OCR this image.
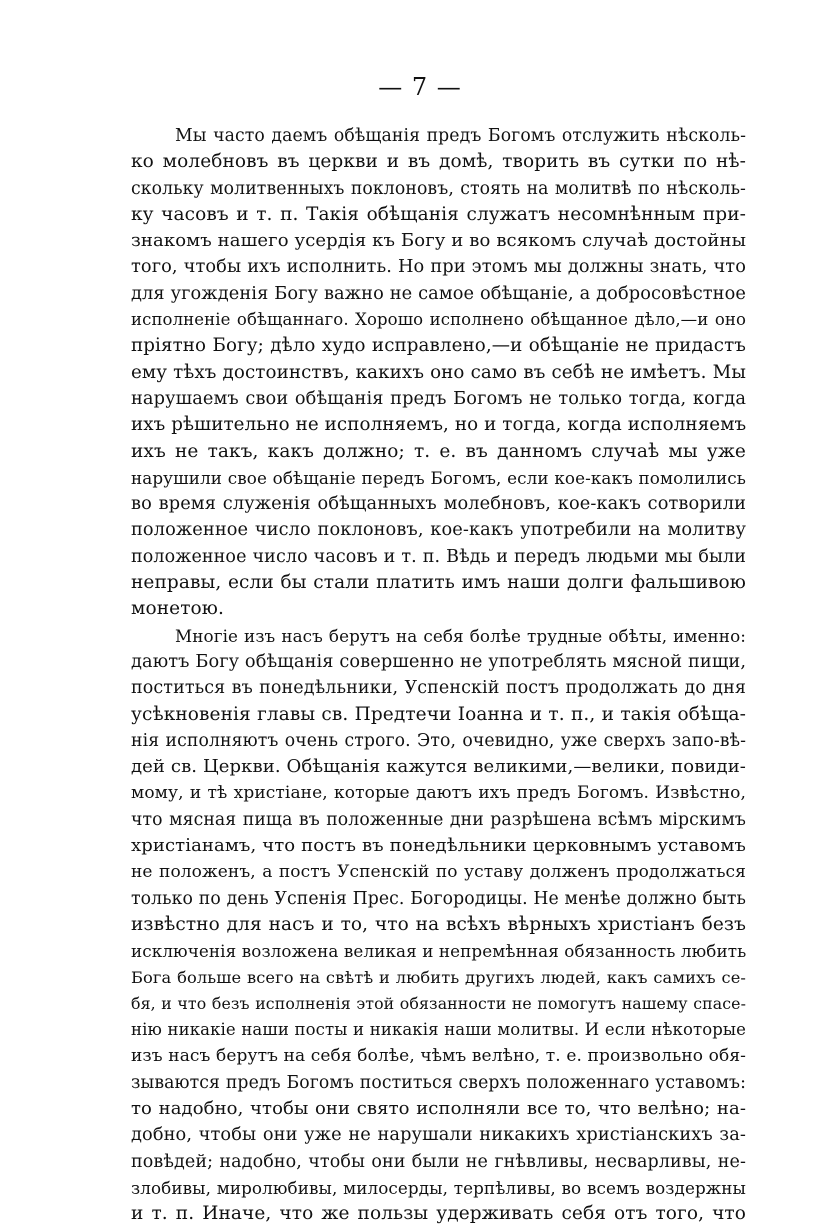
— 7 —
Мы часто даемъ обѣщанія предъ Богомъ отслужить нѣсколь-
ко молебновъ въ церкви и въ домѣ, творить въ сутки по нѣ-
скольку молитвенныхъ поклоновъ, стоять на молитвѣ по нѣсколь-
ку часовъ и т. п. Такія обѣщанія служатъ несомнѣнным при-
знакомъ нашего усердія къ Богу и во всякомъ случаѣ достойны
того, чтобы ихъ исполнить. Но при этомъ мы должны знать, что
для угожденія Богу важно не самое обѣщаніе, а добросовѣстное
исполненіе обѣщаннаго. Хорошо исполнено обѣщанное дѣло,—и оно
пріятно Богу; дѣло худо исправлено,—и обѣщаніе не придастъ
ему тѣхъ достоинствъ, какихъ оно само въ себѣ не имѣетъ. Мы
нарушаемъ свои обѣщанія предъ Богомъ не только тогда, когда
ихъ рѣшительно не исполняемъ, но и тогда, когда исполняемъ
ихъ не такъ, какъ должно; т. е. въ данномъ случаѣ мы уже
нарушили свое обѣщаніе передъ Богомъ, если кое-какъ помолились
во время служенія обѣщанныхъ молебновъ, кое-какъ сотворили
положенное число поклоновъ, кое-какъ употребили на молитву
положенное число часовъ и т. п. Вѣдь и передъ людьми мы были
неправы, если бы стали платить имъ наши долги фальшивою
монетою.
Многіе изъ насъ берутъ на себя болѣе трудные обѣты, именно:
даютъ Богу обѣщанія совершенно не употреблять мясной пищи,
поститься въ понедѣльники, Успенскій постъ продолжать до дня
усѣкновенія главы св. Предтечи Іоанна и т. п., и такія обѣща-
нія исполняютъ очень строго. Это, очевидно, уже сверхъ запо-вѣ-
дей св. Церкви. Обѣщанія кажутся великими,—велики, повиди-
мому, и тѣ христіане, которые даютъ ихъ предъ Богомъ. Извѣстно,
что мясная пища въ положенные дни разрѣшена всѣмъ мірскимъ
христіанамъ, что постъ въ понедѣльники церковнымъ уставомъ
не положенъ, а постъ Успенскій по уставу долженъ продолжаться
только по день Успенія Прес. Богородицы. Не менѣе должно быть
извѣстно для насъ и то, что на всѣхъ вѣрныхъ христіанъ безъ
исключенія возложена великая и непремѣнная обязанность любить
Бога больше всего на свѣтѣ и любить другихъ людей, какъ самихъ се-
бя, и что безъ исполненія этой обязанности не помогутъ нашему спасе-
нію никакіе наши посты и никакія наши молитвы. И если нѣкоторые
изъ насъ берутъ на себя болѣе, чѣмъ велѣно, т. е. произвольно обя-
зываются предъ Богомъ поститься сверхъ положеннаго уставомъ:
то надобно, чтобы они свято исполняли все то, что велѣно; на-
добно, чтобы они уже не нарушали никакихъ христіанскихъ за-
повѣдей; надобно, чтобы они были не гнѣвливы, несварливы, не-
злобивы, миролюбивы, милосерды, терпѣливы, во всемъ воздержны
и т. п. Иначе, что же пользы удерживать себя отъ того, что
